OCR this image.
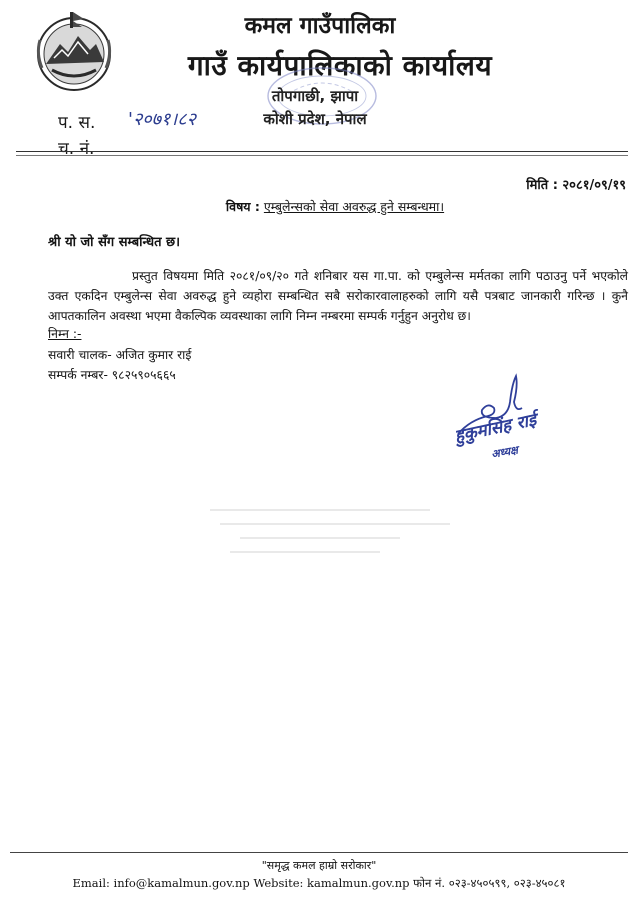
कमल गाउँपालिका
गाउँ कार्यपालिकाको कार्यालय
तोपगाछी, झापा
कोशी प्रदेश, नेपाल
प. स. '२०७१।८२
च. नं.
मिति : २०८१/०९/१९
विषय : एम्बुलेन्सको सेवा अवरुद्ध हुने सम्बन्धमा।
श्री यो जो सँग सम्बन्धित छ।
प्रस्तुत विषयमा मिति २०८१/०९/२० गते शनिबार यस गा.पा. को एम्बुलेन्स मर्मतका लागि पठाउनु पर्ने भएकोले उक्त एकदिन एम्बुलेन्स सेवा अवरुद्ध हुने व्यहोरा सम्बन्धित सबै सरोकारवालाहरुको लागि यसै पत्रबाट जानकारी गरिन्छ । कुनै आपतकालिन अवस्था भएमा वैकल्पिक व्यवस्थाका लागि निम्न नम्बरमा सम्पर्क गर्नुहुन अनुरोध छ।
निम्न :-
सवारी चालक- अजित कुमार राई
सम्पर्क नम्बर- ९८२५९०५६६५
हुकुमसिंह राई
अध्यक्ष
"समृद्ध कमल हाम्रो सरोकार"
Email: info@kamalmun.gov.np Website: kamalmun.gov.np फोन नं. ०२३-४५०५९९, ०२३-४५०८१
